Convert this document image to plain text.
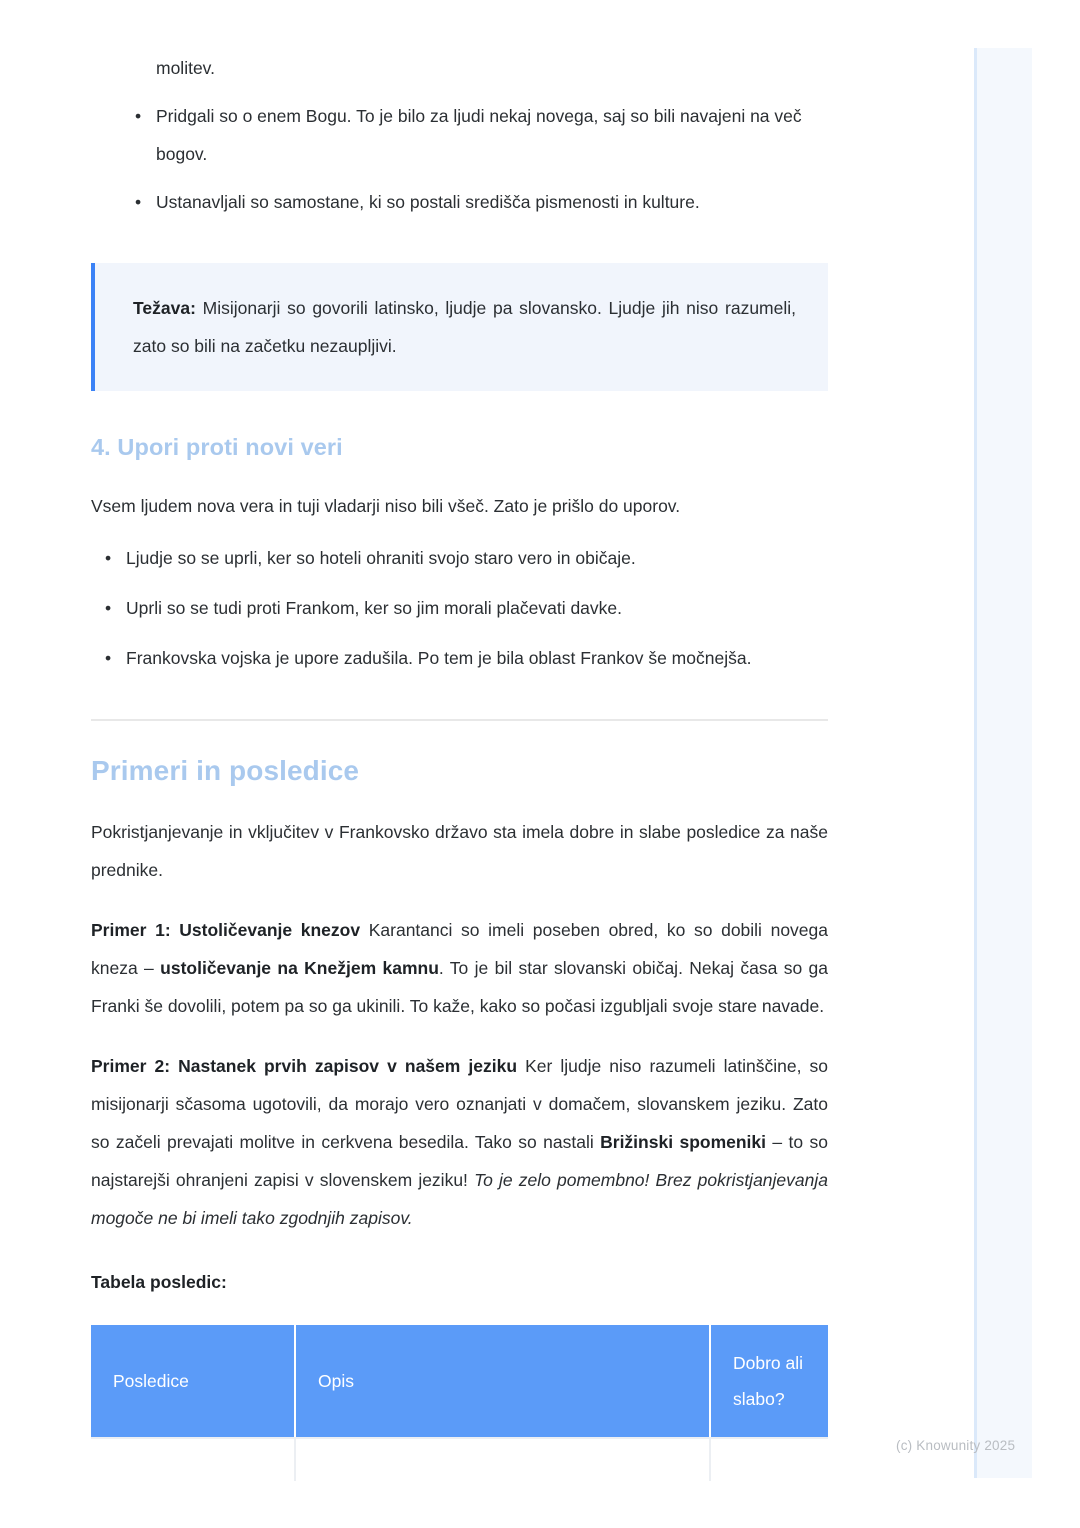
molitev.

• Pridgali so o enem Bogu. To je bilo za ljudi nekaj novega, saj so bili navajeni na več bogov.
• Ustanavljali so samostane, ki so postali središča pismenosti in kulture.

Težava: Misijonarji so govorili latinsko, ljudje pa slovansko. Ljudje jih niso razumeli, zato so bili na začetku nezaupljivi.

4. Upori proti novi veri

Vsem ljudem nova vera in tuji vladarji niso bili všeč. Zato je prišlo do uporov.

• Ljudje so se uprli, ker so hoteli ohraniti svojo staro vero in običaje.
• Uprli so se tudi proti Frankom, ker so jim morali plačevati davke.
• Frankovska vojska je upore zadušila. Po tem je bila oblast Frankov še močnejša.
Primeri in posledice

Pokristjanjevanje in vključitev v Frankovsko državo sta imela dobre in slabe posledice za naše prednike.

Primer 1: Ustoličevanje knezov Karantanci so imeli poseben obred, ko so dobili novega kneza – ustoličevanje na Knežjem kamnu. To je bil star slovanski običaj. Nekaj časa so ga Franki še dovolili, potem pa so ga ukinili. To kaže, kako so počasi izgubljali svoje stare navade.

Primer 2: Nastanek prvih zapisov v našem jeziku Ker ljudje niso razumeli latinščine, so misijonarji sčasoma ugotovili, da morajo vero oznanjati v domačem, slovanskem jeziku. Zato so začeli prevajati molitve in cerkvena besedila. Tako so nastali Brižinski spomeniki – to so najstarejši ohranjeni zapisi v slovenskem jeziku! To je zelo pomembno! Brez pokristjanjevanja mogoče ne bi imeli tako zgodnjih zapisov.

Tabela posledic:
Posledice	Opis	Dobro ali slabo?

(c) Knowunity 2025
